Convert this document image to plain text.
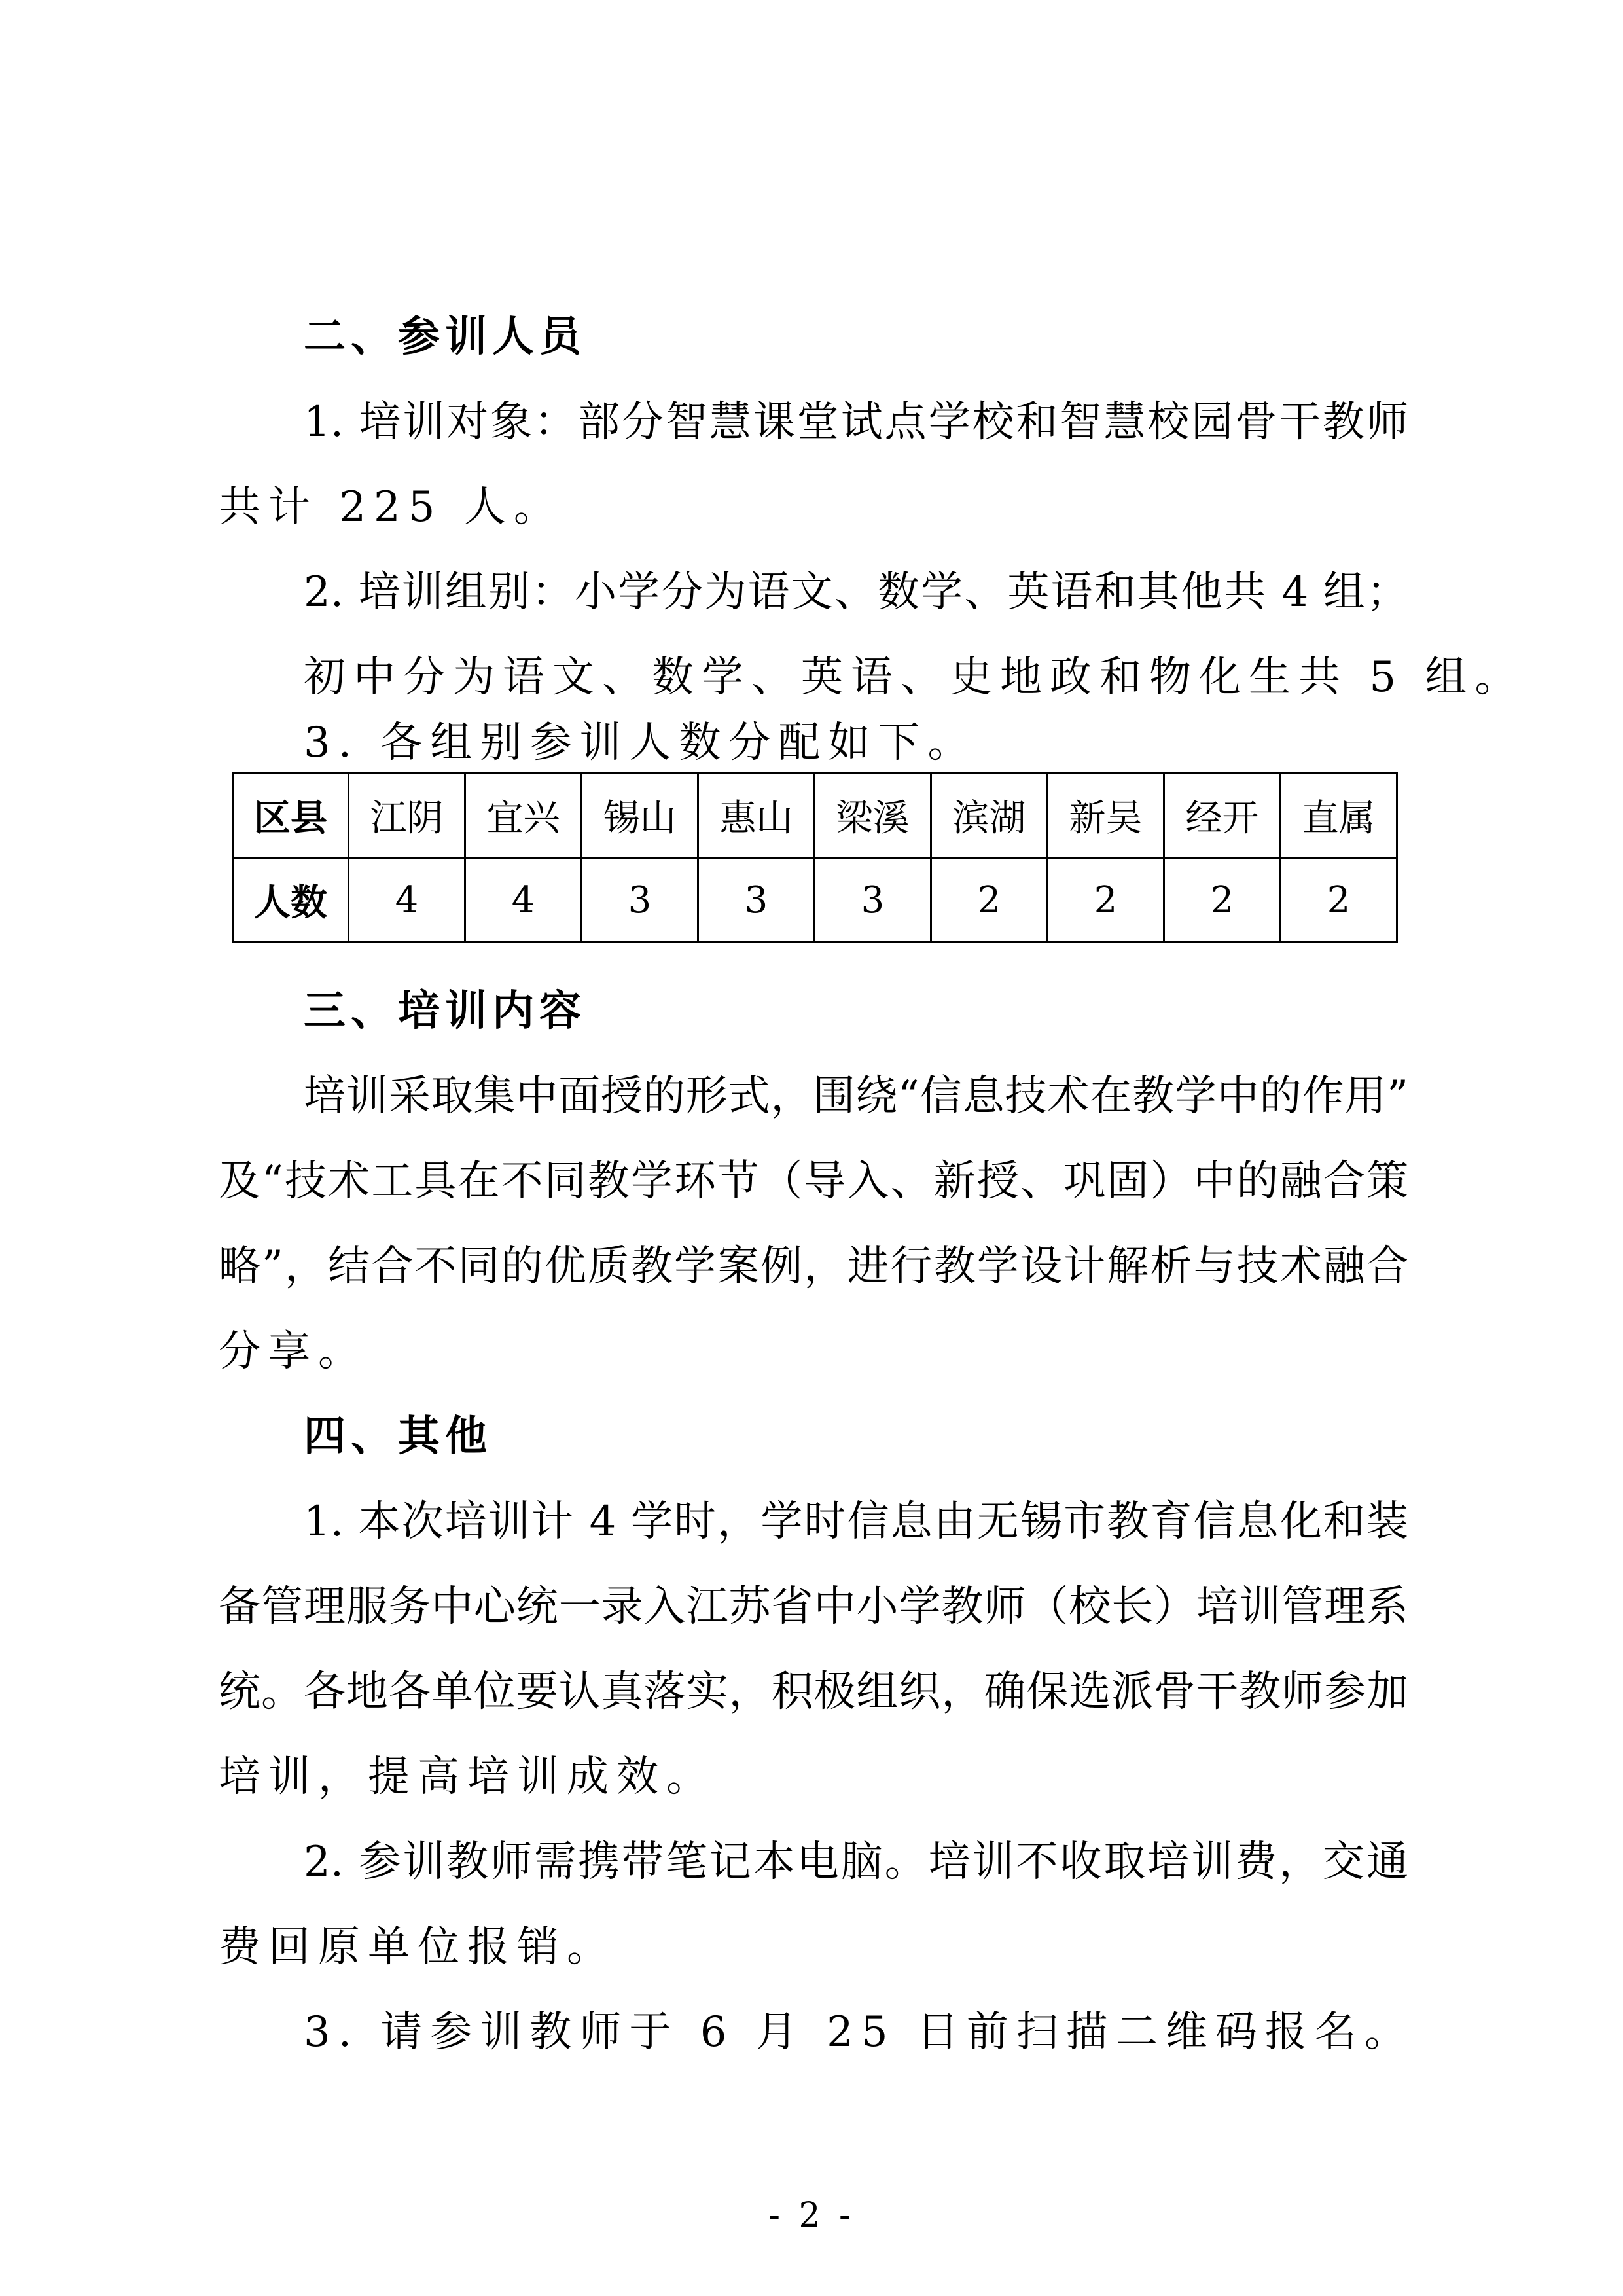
二、参训人员
1. 培训对象：部分智慧课堂试点学校和智慧校园骨干教师
共计 225 人。
2. 培训组别：小学分为语文、数学、英语和其他共 4 组；
初中分为语文、数学、英语、史地政和物化生共 5 组。
3. 各组别参训人数分配如下。
区县	江阴	宜兴	锡山	惠山	梁溪	滨湖	新吴	经开	直属
人数	4	4	3	3	3	2	2	2	2
三、培训内容
培训采取集中面授的形式，围绕“信息技术在教学中的作用”
及“技术工具在不同教学环节（导入、新授、巩固）中的融合策
略”，结合不同的优质教学案例，进行教学设计解析与技术融合
分享。
四、其他
1. 本次培训计 4 学时，学时信息由无锡市教育信息化和装
备管理服务中心统一录入江苏省中小学教师（校长）培训管理系
统。各地各单位要认真落实，积极组织，确保选派骨干教师参加
培训，提高培训成效。
2. 参训教师需携带笔记本电脑。培训不收取培训费，交通
费回原单位报销。
3. 请参训教师于 6 月 25 日前扫描二维码报名。
- 2 -
